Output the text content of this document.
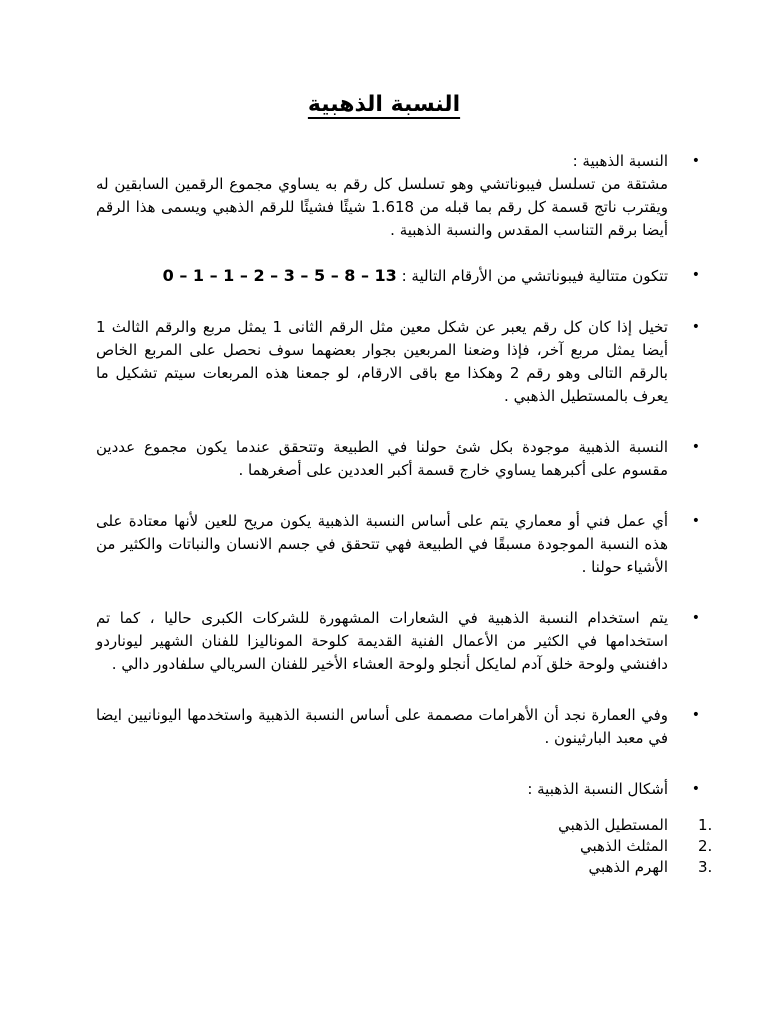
النسبة الذهبية
•
النسبة الذهبية :
مشتقة من تسلسل فيبوناتشي وهو تسلسل كل رقم به يساوي مجموع الرقمين السابقين له ويقترب ناتج قسمة كل رقم بما قبله من 1.618 شيئًا فشيئًا للرقم الذهبي ويسمى هذا الرقم أيضا برقم التناسب المقدس والنسبة الذهبية .
•
تتكون متتالية فيبوناتشي من الأرقام التالية : 0 – 1 – 1 – 2 – 3 – 5 – 8 – 13
•
تخيل إذا كان كل رقم يعبر عن شكل معين مثل الرقم الثانى 1 يمثل مربع والرقم الثالث 1 أيضا يمثل مربع آخر، فإذا وضعنا المربعين بجوار بعضهما سوف نحصل على المربع الخاص بالرقم التالى وهو رقم 2 وهكذا مع باقى الارقام، لو جمعنا هذه المربعات سيتم تشكيل ما يعرف بالمستطيل الذهبي .
•
النسبة الذهبية موجودة بكل شئ حولنا في الطبيعة وتتحقق عندما يكون مجموع عددين مقسوم على أكبرهما يساوي خارج قسمة أكبر العددين على أصغرهما .
•
أي عمل فني أو معماري يتم على أساس النسبة الذهبية يكون مريح للعين لأنها معتادة على هذه النسبة الموجودة مسبقًا في الطبيعة فهي تتحقق في جسم الانسان والنباتات والكثير من الأشياء حولنا .
•
يتم استخدام النسبة الذهبية في الشعارات المشهورة للشركات الكبرى حاليا ، كما تم استخدامها في الكثير من الأعمال الفنية القديمة كلوحة الموناليزا للفنان الشهير ليوناردو دافنشي ولوحة خلق آدم لمايكل أنجلو ولوحة العشاء الأخير للفنان السريالي سلفادور دالي .
•
وفي العمارة نجد أن الأهرامات مصممة على أساس النسبة الذهبية واستخدمها اليونانيين ايضا في معبد البارثينون .
•
أشكال النسبة الذهبية :
1.
المستطيل الذهبي
2.
المثلث الذهبي
3.
الهرم الذهبي
